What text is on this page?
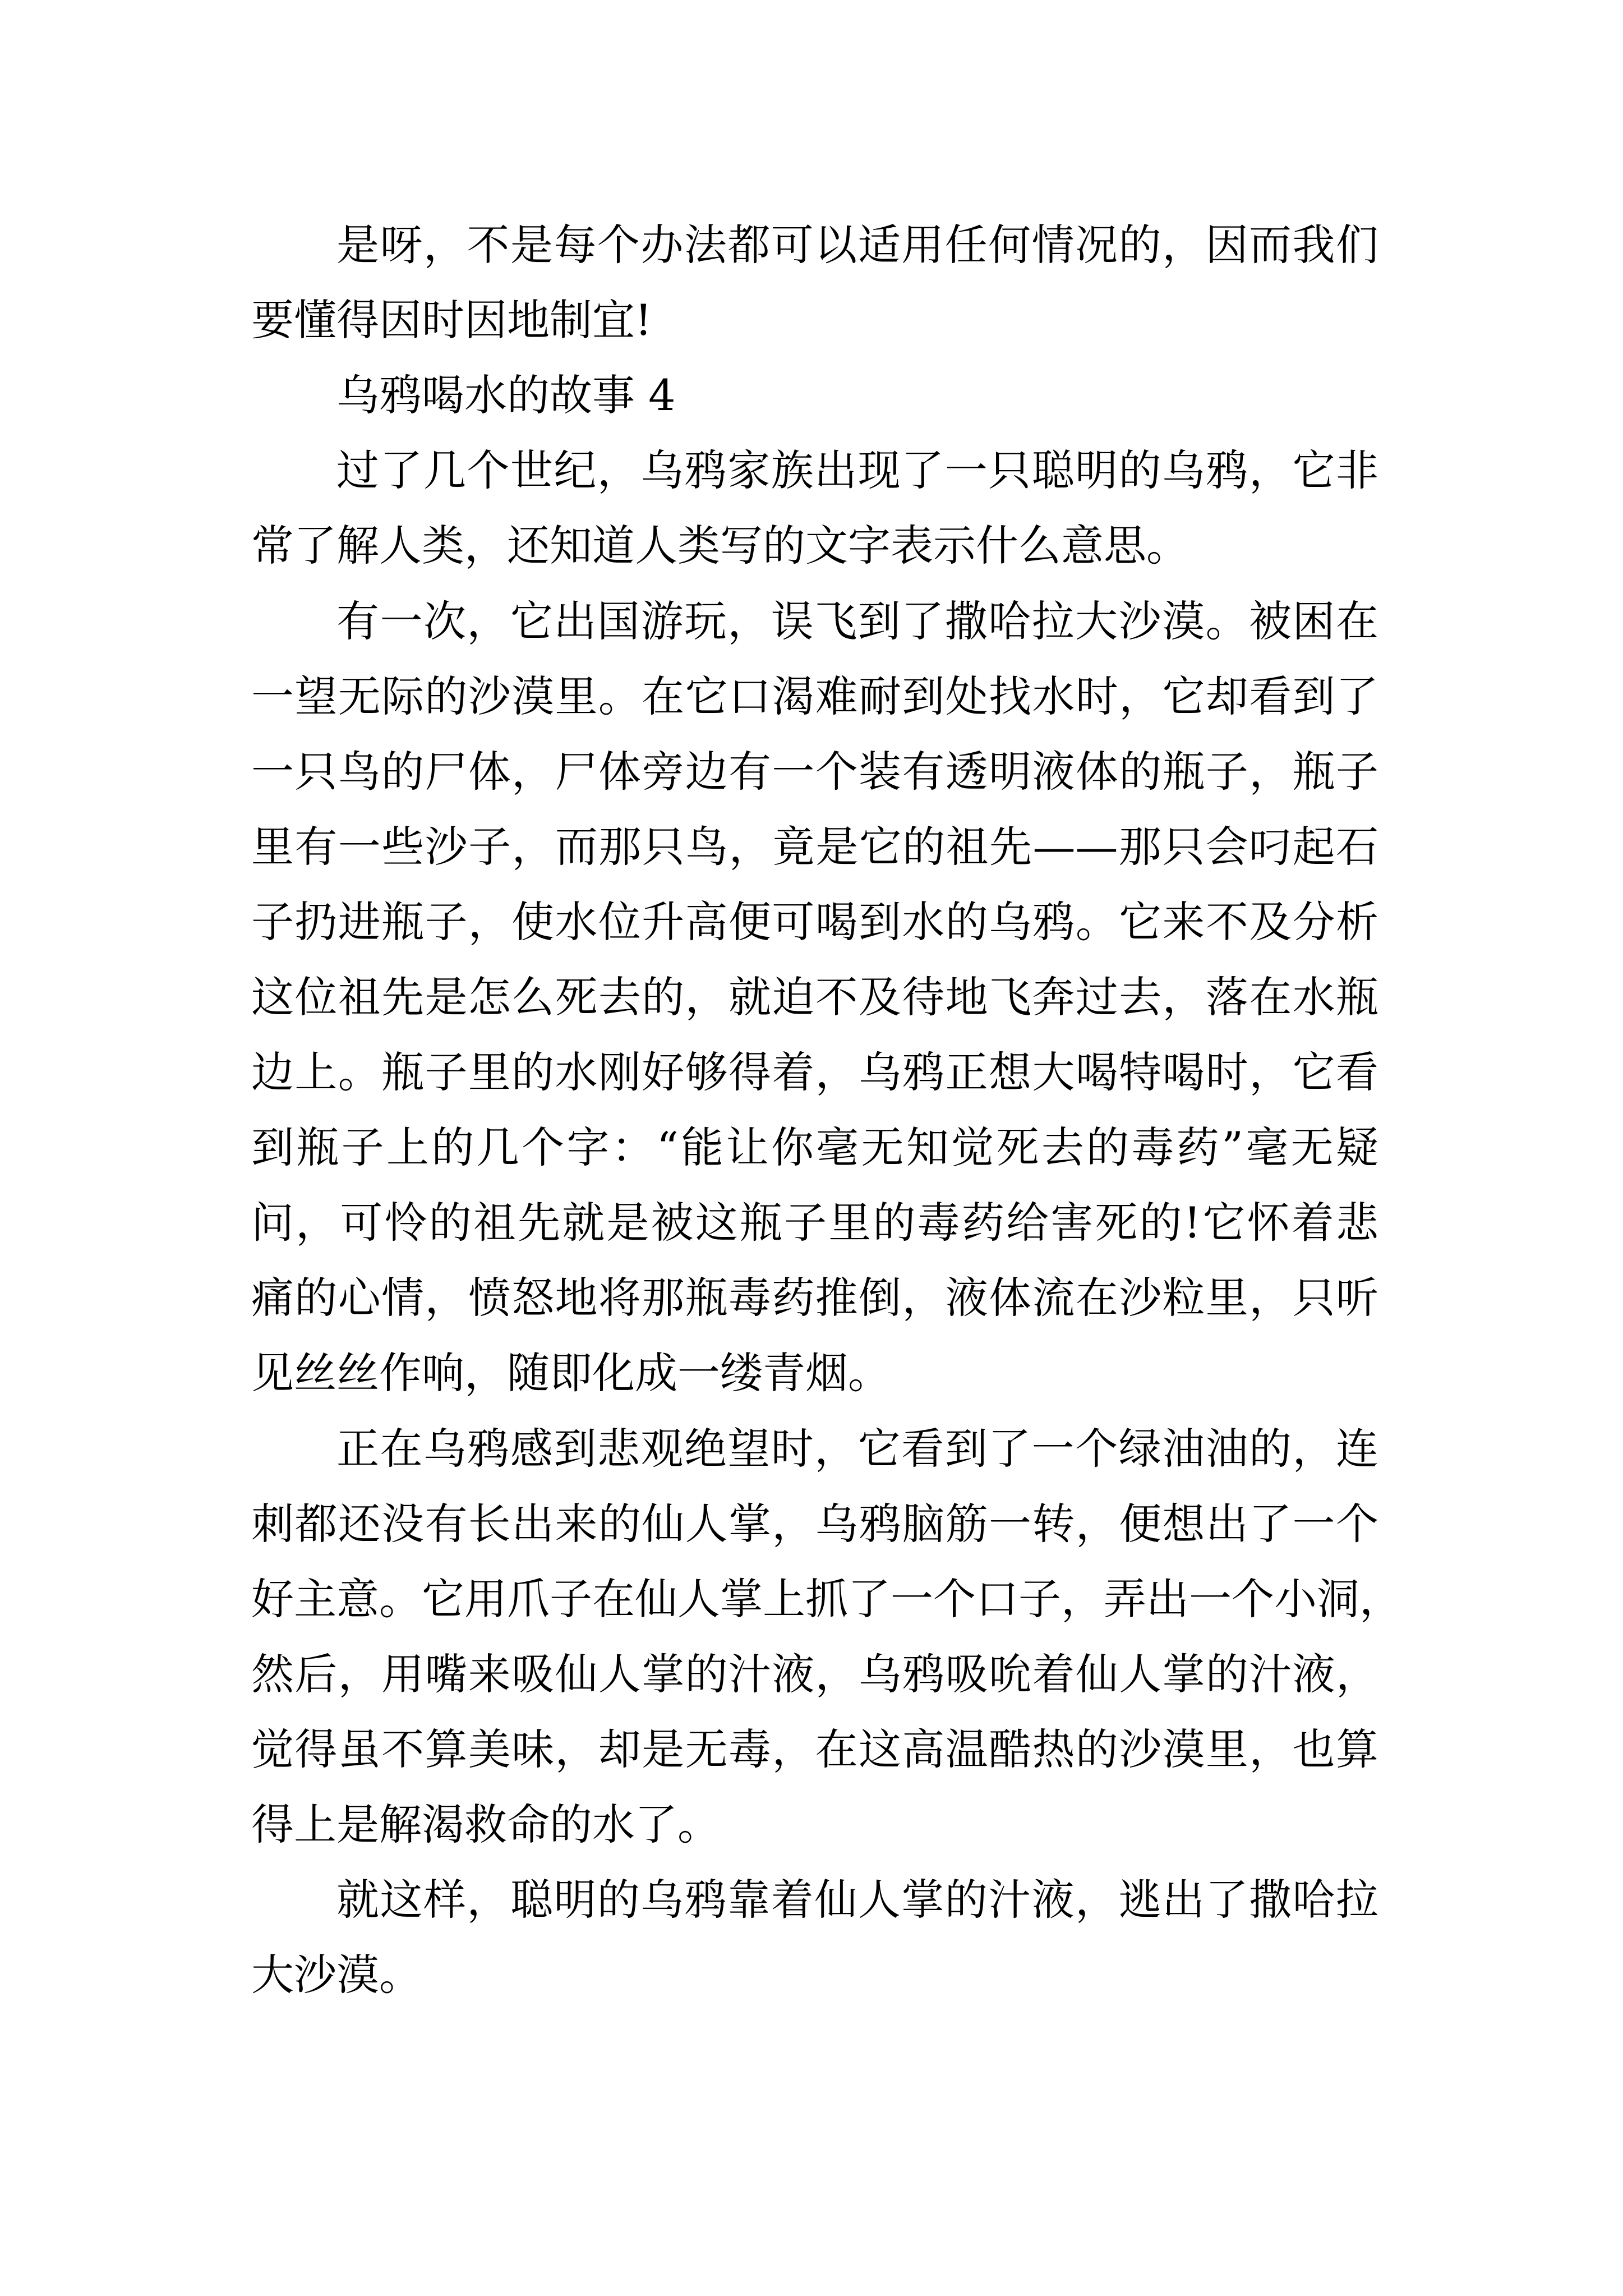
是呀，不是每个办法都可以适用任何情况的，因而我们

要懂得因时因地制宜!

乌鸦喝水的故事 4

过了几个世纪，乌鸦家族出现了一只聪明的乌鸦，它非

常了解人类，还知道人类写的文字表示什么意思。

有一次，它出国游玩，误飞到了撒哈拉大沙漠。被困在

一望无际的沙漠里。在它口渴难耐到处找水时，它却看到了

一只鸟的尸体，尸体旁边有一个装有透明液体的瓶子，瓶子

里有一些沙子，而那只鸟，竟是它的祖先——那只会叼起石

子扔进瓶子，使水位升高便可喝到水的乌鸦。它来不及分析

这位祖先是怎么死去的，就迫不及待地飞奔过去，落在水瓶

边上。瓶子里的水刚好够得着，乌鸦正想大喝特喝时，它看

到瓶子上的几个字：“能让你毫无知觉死去的毒药”毫无疑

问，可怜的祖先就是被这瓶子里的毒药给害死的!它怀着悲

痛的心情，愤怒地将那瓶毒药推倒，液体流在沙粒里，只听

见丝丝作响，随即化成一缕青烟。

正在乌鸦感到悲观绝望时，它看到了一个绿油油的，连

刺都还没有长出来的仙人掌，乌鸦脑筋一转，便想出了一个

好主意。它用爪子在仙人掌上抓了一个口子，弄出一个小洞，

然后，用嘴来吸仙人掌的汁液，乌鸦吸吮着仙人掌的汁液，

觉得虽不算美味，却是无毒，在这高温酷热的沙漠里，也算

得上是解渴救命的水了。

就这样，聪明的乌鸦靠着仙人掌的汁液，逃出了撒哈拉

大沙漠。
